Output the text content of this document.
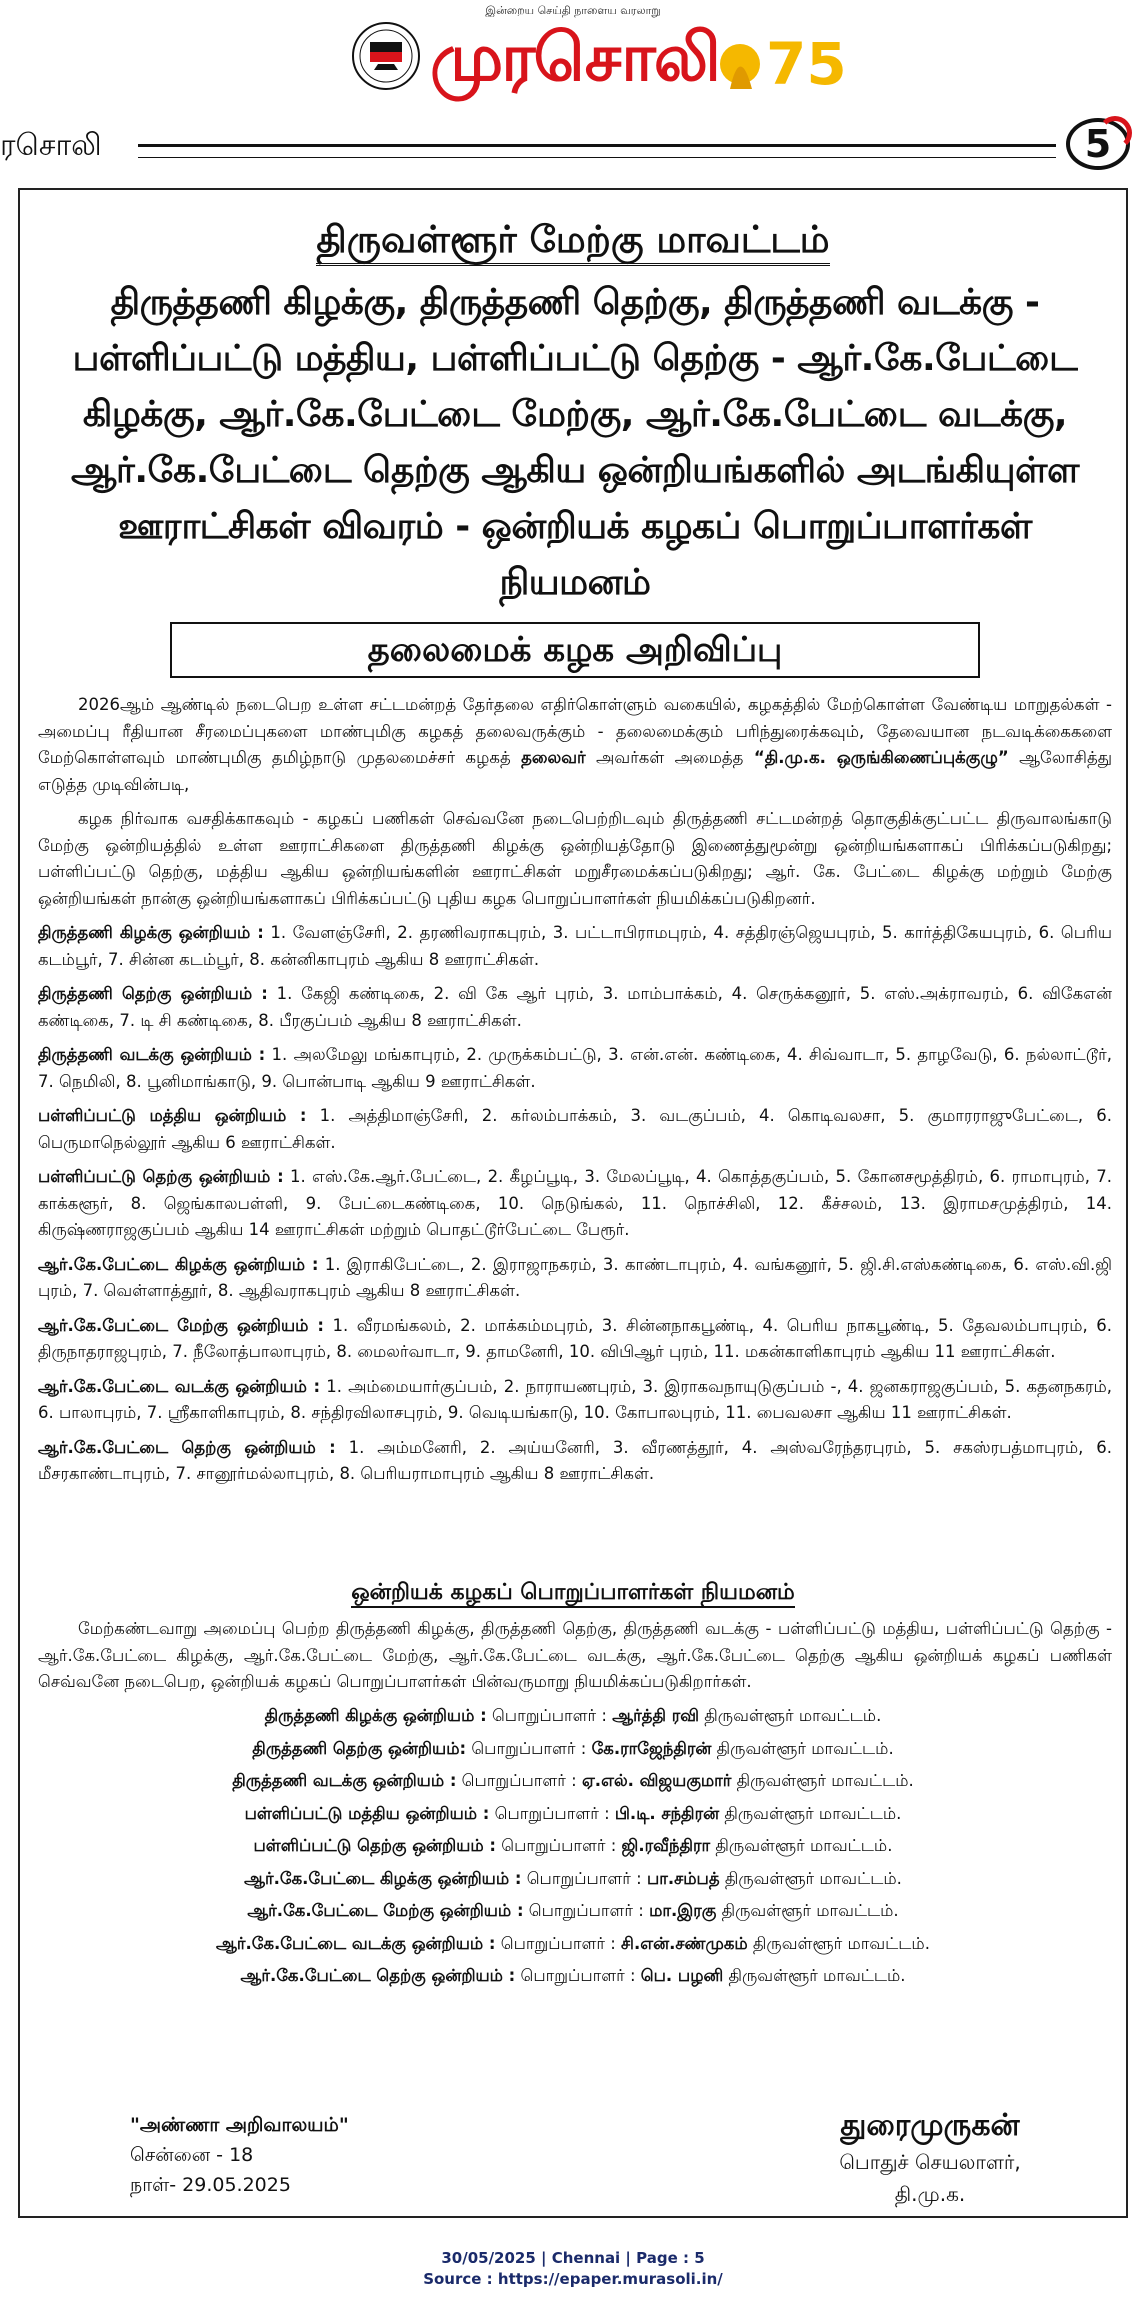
இன்றைய செய்தி நாளைய வரலாறு
முரசொலி 75
ரசொலி	5
திருவள்ளூர் மேற்கு மாவட்டம்
திருத்தணி கிழக்கு, திருத்தணி தெற்கு, திருத்தணி வடக்கு - பள்ளிப்பட்டு மத்திய, பள்ளிப்பட்டு தெற்கு - ஆர்.கே.பேட்டை கிழக்கு, ஆர்.கே.பேட்டை மேற்கு, ஆர்.கே.பேட்டை வடக்கு, ஆர்.கே.பேட்டை தெற்கு ஆகிய ஒன்றியங்களில் அடங்கியுள்ள ஊராட்சிகள் விவரம் - ஒன்றியக் கழகப் பொறுப்பாளர்கள் நியமனம்
தலைமைக் கழக அறிவிப்பு

2026ஆம் ஆண்டில் நடைபெற உள்ள சட்டமன்றத் தேர்தலை எதிர்கொள்ளும் வகையில், கழகத்தில் மேற்கொள்ள வேண்டிய மாறுதல்கள் - அமைப்பு ரீதியான சீரமைப்புகளை மாண்புமிகு கழகத் தலைவருக்கும் - தலைமைக்கும் பரிந்துரைக்கவும், தேவையான நடவடிக்கைகளை மேற்கொள்ளவும் மாண்புமிகு தமிழ்நாடு முதலமைச்சர் கழகத் தலைவர் அவர்கள் அமைத்த “தி.மு.க. ஒருங்கிணைப்புக்குழு” ஆலோசித்து எடுத்த முடிவின்படி,

கழக நிர்வாக வசதிக்காகவும் - கழகப் பணிகள் செவ்வனே நடைபெற்றிடவும் திருத்தணி சட்டமன்றத் தொகுதிக்குட்பட்ட திருவாலங்காடு மேற்கு ஒன்றியத்தில் உள்ள ஊராட்சிகளை திருத்தணி கிழக்கு ஒன்றியத்தோடு இணைத்துமூன்று ஒன்றியங்களாகப் பிரிக்கப்படுகிறது; பள்ளிப்பட்டு தெற்கு, மத்திய ஆகிய ஒன்றியங்களின் ஊராட்சிகள் மறுசீரமைக்கப்படுகிறது; ஆர். கே. பேட்டை கிழக்கு மற்றும் மேற்கு ஒன்றியங்கள் நான்கு ஒன்றியங்களாகப் பிரிக்கப்பட்டு புதிய கழக பொறுப்பாளர்கள் நியமிக்கப்படுகிறனர்.

திருத்தணி கிழக்கு ஒன்றியம் : 1. வேளஞ்சேரி, 2. தரணிவராகபுரம், 3. பட்டாபிராமபுரம், 4. சத்திரஞ்ஜெயபுரம், 5. கார்த்திகேயபுரம், 6. பெரிய கடம்பூர், 7. சின்ன கடம்பூர், 8. கன்னிகாபுரம் ஆகிய 8 ஊராட்சிகள்.

திருத்தணி தெற்கு ஒன்றியம் : 1. கேஜி கண்டிகை, 2. வி கே ஆர் புரம், 3. மாம்பாக்கம், 4. செருக்கனூர், 5. எஸ்.அக்ராவரம், 6. விகேஎன் கண்டிகை, 7. டி சி கண்டிகை, 8. பீரகுப்பம் ஆகிய 8 ஊராட்சிகள்.

திருத்தணி வடக்கு ஒன்றியம் : 1. அலமேலு மங்காபுரம், 2. முருக்கம்பட்டு, 3. என்.என். கண்டிகை, 4. சிவ்வாடா, 5. தாழவேடு, 6. நல்லாட்டூர், 7. நெமிலி, 8. பூனிமாங்காடு, 9. பொன்பாடி ஆகிய 9 ஊராட்சிகள்.

பள்ளிப்பட்டு மத்திய ஒன்றியம் : 1. அத்திமாஞ்சேரி, 2. கர்லம்பாக்கம், 3. வடகுப்பம், 4. கொடிவலசா, 5. குமாரராஜுபேட்டை, 6. பெருமாநெல்லூர் ஆகிய 6 ஊராட்சிகள்.

பள்ளிப்பட்டு தெற்கு ஒன்றியம் : 1. எஸ்.கே.ஆர்.பேட்டை, 2. கீழப்பூடி, 3. மேலப்பூடி, 4. கொத்தகுப்பம், 5. கோனசமூத்திரம், 6. ராமாபுரம், 7. காக்களூர், 8. ஜெங்காலபள்ளி, 9. பேட்டைகண்டிகை, 10. நெடுங்கல், 11. நொச்சிலி, 12. கீச்சலம், 13. இராமசமுத்திரம், 14. கிருஷ்ணராஜகுப்பம் ஆகிய 14 ஊராட்சிகள் மற்றும் பொதட்டூர்பேட்டை பேரூர்.

ஆர்.கே.பேட்டை கிழக்கு ஒன்றியம் : 1. இராகிபேட்டை, 2. இராஜாநகரம், 3. காண்டாபுரம், 4. வங்கனூர், 5. ஜி.சி.எஸ்கண்டிகை, 6. எஸ்.வி.ஜி புரம், 7. வெள்ளாத்தூர், 8. ஆதிவராகபுரம் ஆகிய 8 ஊராட்சிகள்.

ஆர்.கே.பேட்டை மேற்கு ஒன்றியம் : 1. வீரமங்கலம், 2. மாக்கம்மபுரம், 3. சின்னநாகபூண்டி, 4. பெரிய நாகபூண்டி, 5. தேவலம்பாபுரம், 6. திருநாதராஜபுரம், 7. நீலோத்பாலாபுரம், 8. மைலர்வாடா, 9. தாமனேரி, 10. விபிஆர் புரம், 11. மகன்காளிகாபுரம் ஆகிய 11 ஊராட்சிகள்.

ஆர்.கே.பேட்டை வடக்கு ஒன்றியம் : 1. அம்மையார்குப்பம், 2. நாராயணபுரம், 3. இராகவநாயுடுகுப்பம் -, 4. ஜனகராஜகுப்பம், 5. கதனநகரம், 6. பாலாபுரம், 7. ஸ்ரீகாளிகாபுரம், 8. சந்திரவிலாசபுரம், 9. வெடியங்காடு, 10. கோபாலபுரம், 11. பைவலசா ஆகிய 11 ஊராட்சிகள்.

ஆர்.கே.பேட்டை தெற்கு ஒன்றியம் : 1. அம்மனேரி, 2. அய்யனேரி, 3. வீரணத்தூர், 4. அஸ்வரேந்தரபுரம், 5. சகஸ்ரபத்மாபுரம், 6. மீசரகாண்டாபுரம், 7. சானூர்மல்லாபுரம், 8. பெரியராமாபுரம் ஆகிய 8 ஊராட்சிகள்.

ஒன்றியக் கழகப் பொறுப்பாளர்கள் நியமனம்

மேற்கண்டவாறு அமைப்பு பெற்ற திருத்தணி கிழக்கு, திருத்தணி தெற்கு, திருத்தணி வடக்கு - பள்ளிப்பட்டு மத்திய, பள்ளிப்பட்டு தெற்கு - ஆர்.கே.பேட்டை கிழக்கு, ஆர்.கே.பேட்டை மேற்கு, ஆர்.கே.பேட்டை வடக்கு, ஆர்.கே.பேட்டை தெற்கு ஆகிய ஒன்றியக் கழகப் பணிகள் செவ்வனே நடைபெற, ஒன்றியக் கழகப் பொறுப்பாளர்கள் பின்வருமாறு நியமிக்கப்படுகிறார்கள்.

திருத்தணி கிழக்கு ஒன்றியம் : பொறுப்பாளர் : ஆர்த்தி ரவி திருவள்ளூர் மாவட்டம்.
திருத்தணி தெற்கு ஒன்றியம்: பொறுப்பாளர் : கே.ராஜேந்திரன் திருவள்ளூர் மாவட்டம்.
திருத்தணி வடக்கு ஒன்றியம் : பொறுப்பாளர் : ஏ.எல். விஜயகுமார் திருவள்ளூர் மாவட்டம்.
பள்ளிப்பட்டு மத்திய ஒன்றியம் : பொறுப்பாளர் : பி.டி. சந்திரன் திருவள்ளூர் மாவட்டம்.
பள்ளிப்பட்டு தெற்கு ஒன்றியம் : பொறுப்பாளர் : ஜி.ரவீந்திரா திருவள்ளூர் மாவட்டம்.
ஆர்.கே.பேட்டை கிழக்கு ஒன்றியம் : பொறுப்பாளர் : பா.சம்பத் திருவள்ளூர் மாவட்டம்.
ஆர்.கே.பேட்டை மேற்கு ஒன்றியம் : பொறுப்பாளர் : மா.இரகு திருவள்ளூர் மாவட்டம்.
ஆர்.கே.பேட்டை வடக்கு ஒன்றியம் : பொறுப்பாளர் : சி.என்.சண்முகம் திருவள்ளூர் மாவட்டம்.
ஆர்.கே.பேட்டை தெற்கு ஒன்றியம் : பொறுப்பாளர் : பெ. பழனி திருவள்ளூர் மாவட்டம்.
"அண்ணா அறிவாலயம்"
சென்னை - 18
நாள்- 29.05.2025
துரைமுருகன்
பொதுச் செயலாளர்,
தி.மு.க.
30/05/2025 | Chennai | Page : 5
Source : https://epaper.murasoli.in/
